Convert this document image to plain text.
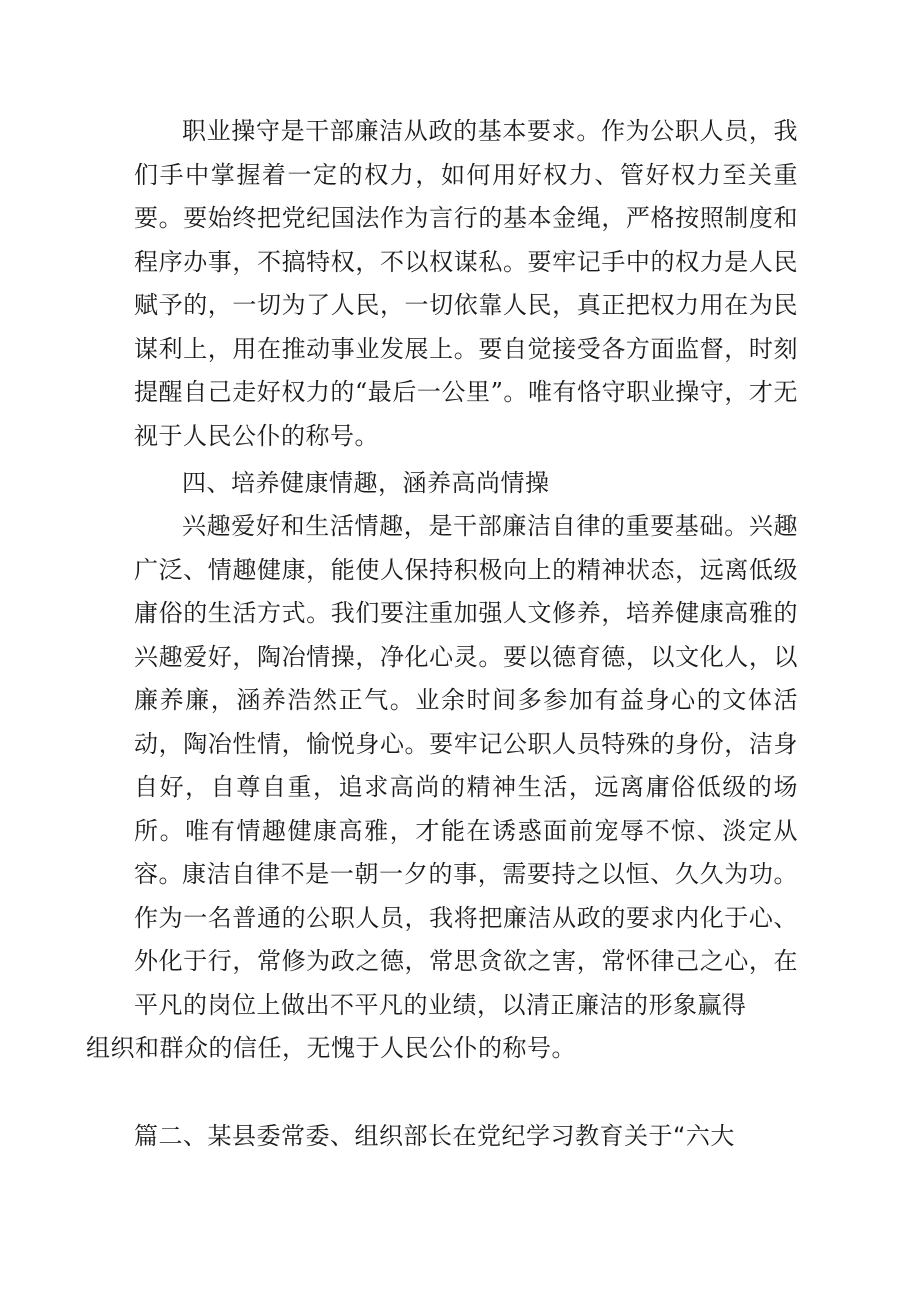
职业操守是干部廉洁从政的基本要求。作为公职人员，我们手中掌握着一定的权力，如何用好权力、管好权力至关重要。要始终把党纪国法作为言行的基本金绳，严格按照制度和程序办事，不搞特权，不以权谋私。要牢记手中的权力是人民赋予的，一切为了人民，一切依靠人民，真正把权力用在为民谋利上，用在推动事业发展上。要自觉接受各方面监督，时刻提醒自己走好权力的“最后一公里”。唯有恪守职业操守，才无视于人民公仆的称号。

四、培养健康情趣，涵养高尚情操

兴趣爱好和生活情趣，是干部廉洁自律的重要基础。兴趣广泛、情趣健康，能使人保持积极向上的精神状态，远离低级庸俗的生活方式。我们要注重加强人文修养，培养健康高雅的兴趣爱好，陶冶情操，净化心灵。要以德育德，以文化人，以廉养廉，涵养浩然正气。业余时间多参加有益身心的文体活动，陶冶性情，愉悦身心。要牢记公职人员特殊的身份，洁身自好，自尊自重，追求高尚的精神生活，远离庸俗低级的场所。唯有情趣健康高雅，才能在诱惑面前宠辱不惊、淡定从容。 康洁自律不是一朝一夕的事，需要持之以恒、久久为功。作为一名普通的公职人员，我将把廉洁从政的要求内化于心、外化于行，常修为政之德，常思贪欲之害，常怀律己之心，在平凡的岗位上做出不平凡的业绩，以清正廉洁的形象赢得
组织和群众的信任，无愧于人民公仆的称号。

篇二、某县委常委、组织部长在党纪学习教育关于“六大
